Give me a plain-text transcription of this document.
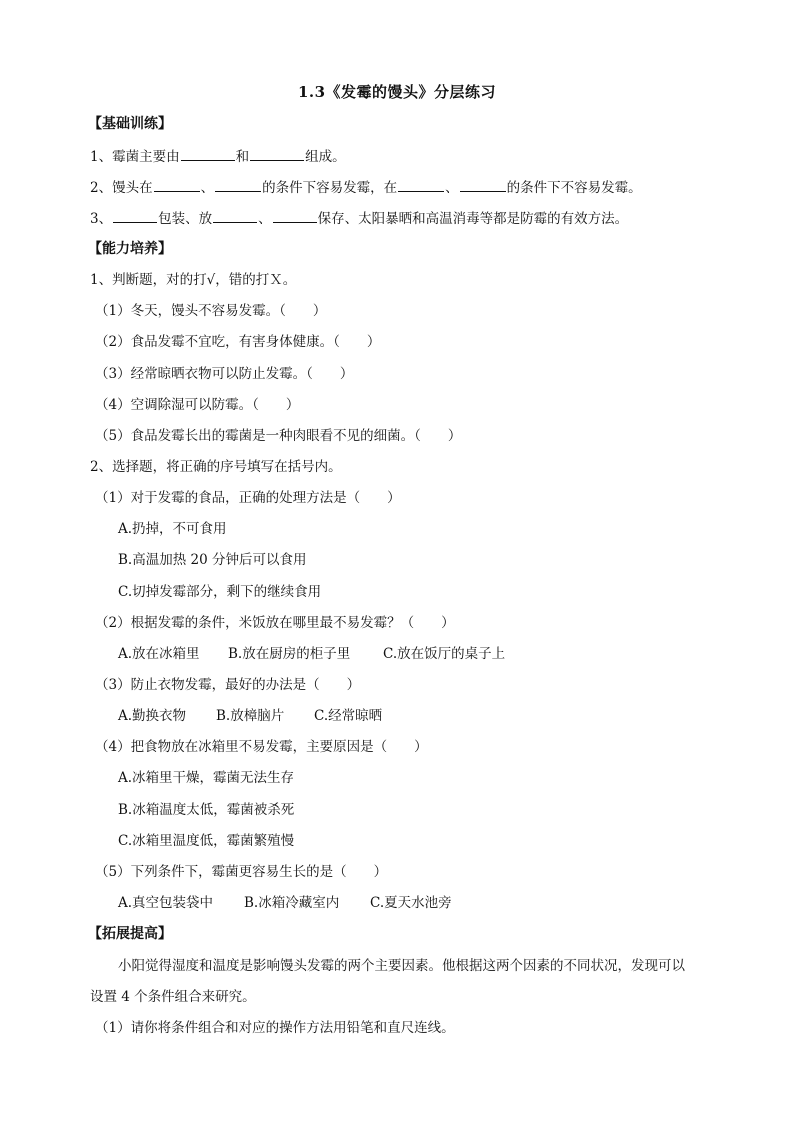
1.3《发霉的馒头》分层练习
【基础训练】
1、霉菌主要由	和	组成。
2、馒头在	、	的条件下容易发霉，在	、	的条件下不容易发霉。
3、	包装、放	、	保存、太阳暴晒和高温消毒等都是防霉的有效方法。
【能力培养】
1、判断题，对的打√，错的打Ｘ。
（1）冬天，馒头不容易发霉。（　　）
（2）食品发霉不宜吃，有害身体健康。（　　）
（3）经常晾晒衣物可以防止发霉。（　　）
（4）空调除湿可以防霉。（　　）
（5）食品发霉长出的霉菌是一种肉眼看不见的细菌。（　　）
2、选择题，将正确的序号填写在括号内。
（1）对于发霉的食品，正确的处理方法是（　　）
A.扔掉，不可食用
B.高温加热 20 分钟后可以食用
C.切掉发霉部分，剩下的继续食用
（2）根据发霉的条件，米饭放在哪里最不易发霉？（　　）
A.放在冰箱里 B.放在厨房的柜子里 C.放在饭厅的桌子上
（3）防止衣物发霉，最好的办法是（　　）
A.勤换衣物 B.放樟脑片 C.经常晾晒
（4）把食物放在冰箱里不易发霉，主要原因是（　　）
A.冰箱里干燥，霉菌无法生存
B.冰箱温度太低，霉菌被杀死
C.冰箱里温度低，霉菌繁殖慢
（5）下列条件下，霉菌更容易生长的是（　　）
A.真空包装袋中 B.冰箱冷藏室内 C.夏天水池旁
【拓展提高】
小阳觉得湿度和温度是影响馒头发霉的两个主要因素。他根据这两个因素的不同状况，发现可以
设置 4 个条件组合来研究。
（1）请你将条件组合和对应的操作方法用铅笔和直尺连线。
